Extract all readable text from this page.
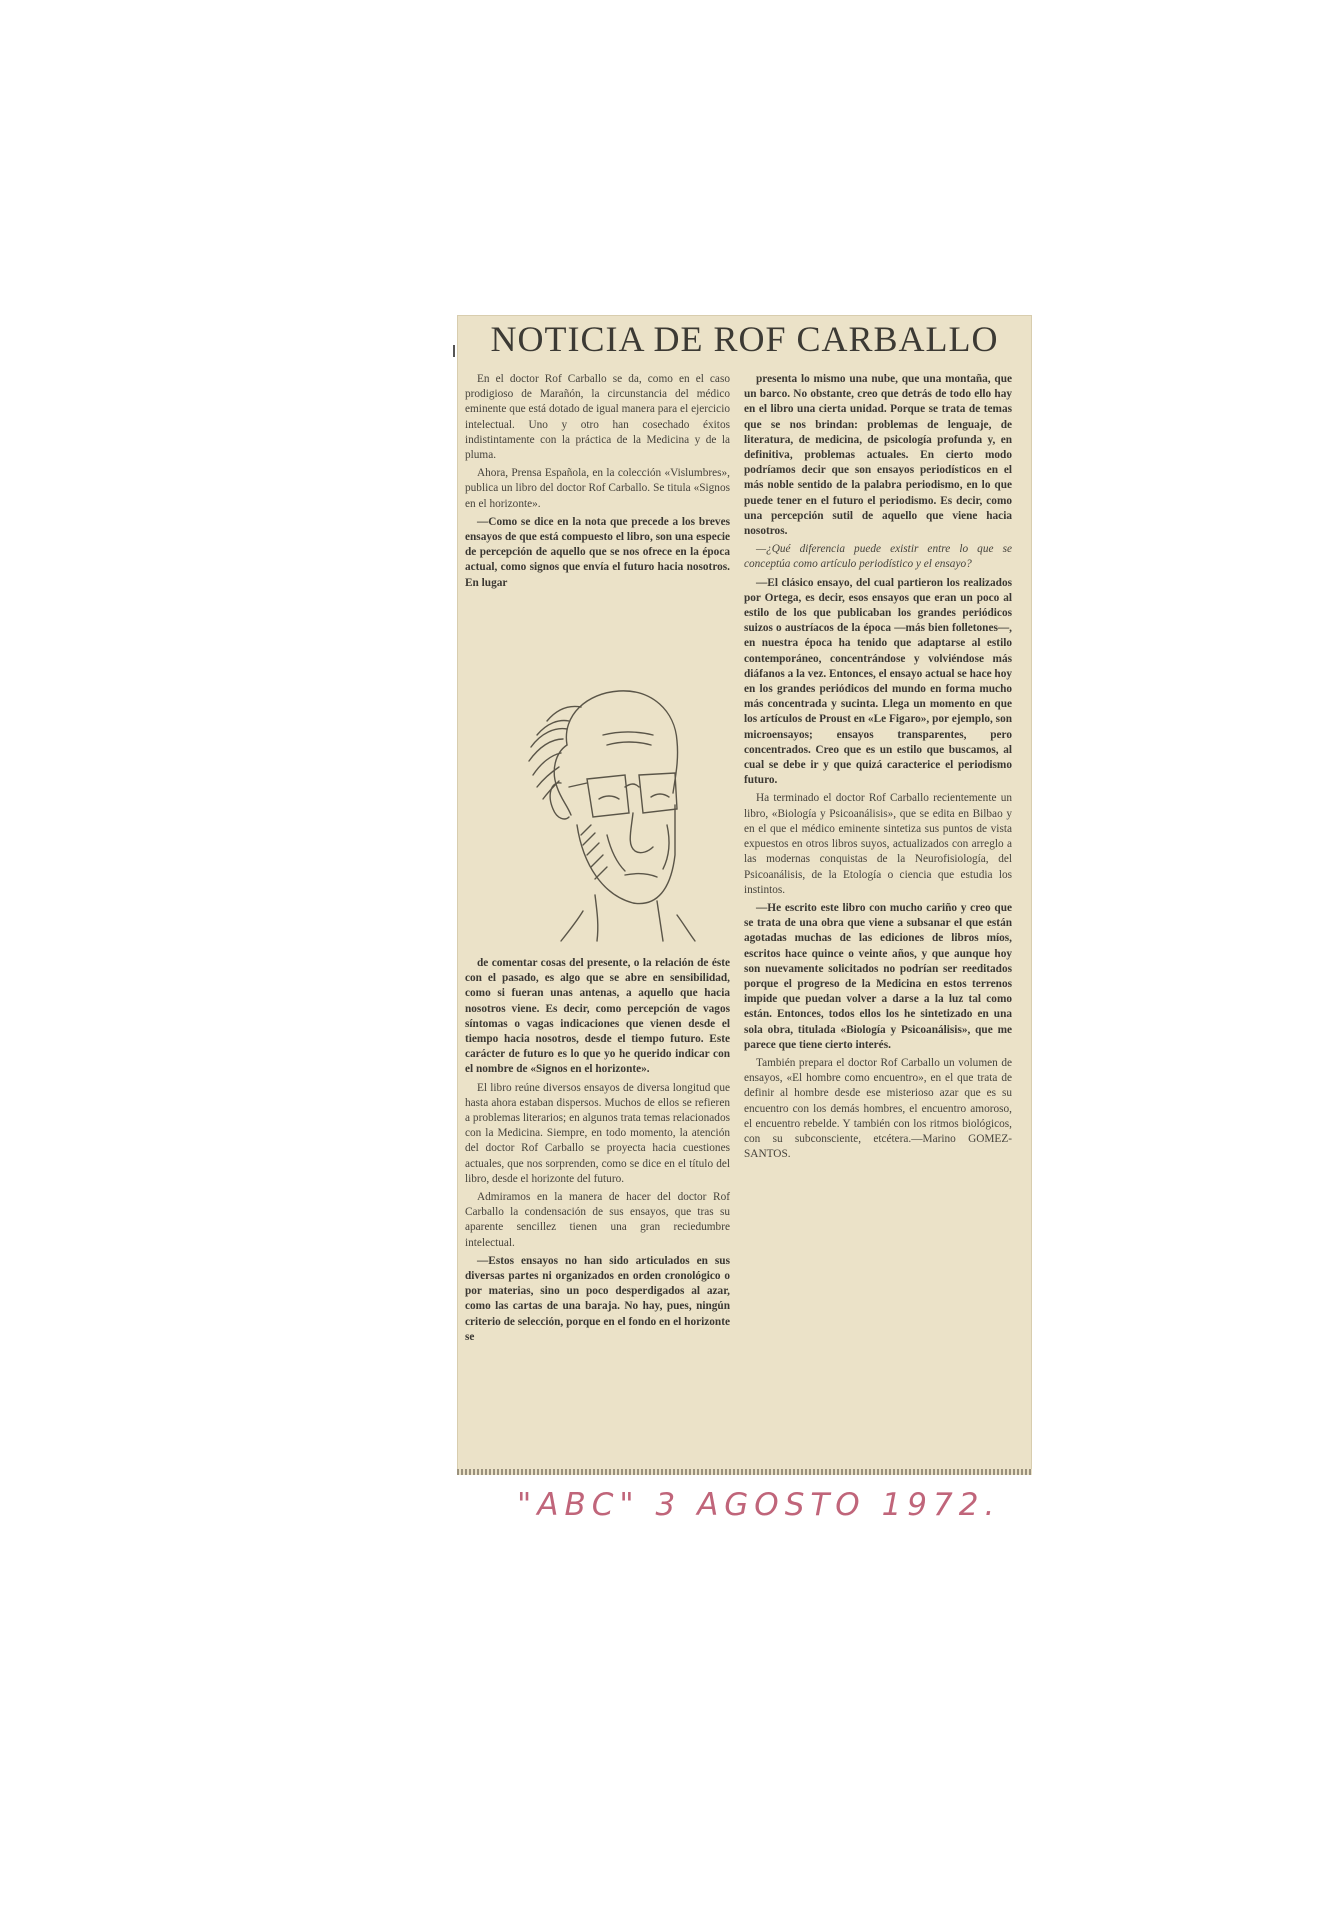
NOTICIA DE ROF CARBALLO

En el doctor Rof Carballo se da, como en el caso prodigioso de Marañón, la circunstancia del médico eminente que está dotado de igual manera para el ejercicio intelectual. Uno y otro han cosechado éxitos indistintamente con la práctica de la Medicina y de la pluma.

Ahora, Prensa Española, en la colección «Vislumbres», publica un libro del doctor Rof Carballo. Se titula «Signos en el horizonte».

—Como se dice en la nota que precede a los breves ensayos de que está compuesto el libro, son una especie de percepción de aquello que se nos ofrece en la época actual, como signos que envía el futuro hacia nosotros. En lugar

de comentar cosas del presente, o la relación de éste con el pasado, es algo que se abre en sensibilidad, como si fueran unas antenas, a aquello que hacia nosotros viene. Es decir, como percepción de vagos síntomas o vagas indicaciones que vienen desde el tiempo hacia nosotros, desde el tiempo futuro. Este carácter de futuro es lo que yo he querido indicar con el nombre de «Signos en el horizonte».

El libro reúne diversos ensayos de diversa longitud que hasta ahora estaban dispersos. Muchos de ellos se refieren a problemas literarios; en algunos trata temas relacionados con la Medicina. Siempre, en todo momento, la atención del doctor Rof Carballo se proyecta hacia cuestiones actuales, que nos sorprenden, como se dice en el título del libro, desde el horizonte del futuro.

Admiramos en la manera de hacer del doctor Rof Carballo la condensación de sus ensayos, que tras su aparente sencillez tienen una gran reciedumbre intelectual.

—Estos ensayos no han sido articulados en sus diversas partes ni organizados en orden cronológico o por materias, sino un poco desperdigados al azar, como las cartas de una baraja. No hay, pues, ningún criterio de selección, porque en el fondo en el horizonte se

presenta lo mismo una nube, que una montaña, que un barco. No obstante, creo que detrás de todo ello hay en el libro una cierta unidad. Porque se trata de temas que se nos brindan: problemas de lenguaje, de literatura, de medicina, de psicología profunda y, en definitiva, problemas actuales. En cierto modo podríamos decir que son ensayos periodísticos en el más noble sentido de la palabra periodismo, en lo que puede tener en el futuro el periodismo. Es decir, como una percepción sutil de aquello que viene hacia nosotros.

—¿Qué diferencia puede existir entre lo que se conceptúa como artículo periodístico y el ensayo?

—El clásico ensayo, del cual partieron los realizados por Ortega, es decir, esos ensayos que eran un poco al estilo de los que publicaban los grandes periódicos suizos o austríacos de la época —más bien folletones—, en nuestra época ha tenido que adaptarse al estilo contemporáneo, concentrándose y volviéndose más diáfanos a la vez. Entonces, el ensayo actual se hace hoy en los grandes periódicos del mundo en forma mucho más concentrada y sucinta. Llega un momento en que los artículos de Proust en «Le Figaro», por ejemplo, son microensayos; ensayos transparentes, pero concentrados. Creo que es un estilo que buscamos, al cual se debe ir y que quizá caracterice el periodismo futuro.

Ha terminado el doctor Rof Carballo recientemente un libro, «Biología y Psicoanálisis», que se edita en Bilbao y en el que el médico eminente sintetiza sus puntos de vista expuestos en otros libros suyos, actualizados con arreglo a las modernas conquistas de la Neurofisiología, del Psicoanálisis, de la Etología o ciencia que estudia los instintos.

—He escrito este libro con mucho cariño y creo que se trata de una obra que viene a subsanar el que están agotadas muchas de las ediciones de libros míos, escritos hace quince o veinte años, y que aunque hoy son nuevamente solicitados no podrían ser reeditados porque el progreso de la Medicina en estos terrenos impide que puedan volver a darse a la luz tal como están. Entonces, todos ellos los he sintetizado en una sola obra, titulada «Biología y Psicoanálisis», que me parece que tiene cierto interés.

También prepara el doctor Rof Carballo un volumen de ensayos, «El hombre como encuentro», en el que trata de definir al hombre desde ese misterioso azar que es su encuentro con los demás hombres, el encuentro amoroso, el encuentro rebelde. Y también con los ritmos biológicos, con su subconsciente, etcétera.—Marino GOMEZ-SANTOS.

"ABC" 3 AGOSTO 1972.
